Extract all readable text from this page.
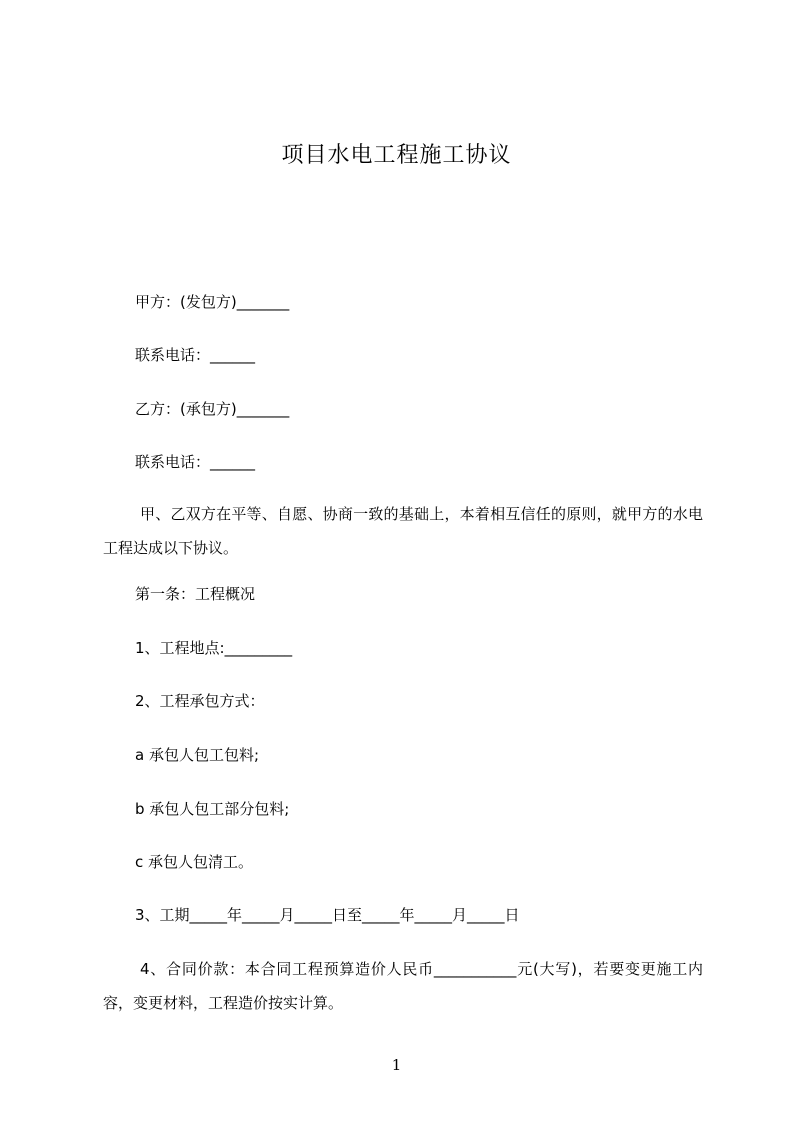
项目水电工程施工协议
甲方：(发包方)_______
联系电话：______
乙方：(承包方)_______
联系电话：______
甲、乙双方在平等、自愿、协商一致的基础上，本着相互信任的原则，就甲方的水电工程达成以下协议。
第一条：工程概况
1、工程地点:_________
2、工程承包方式：
a 承包人包工包料;
b 承包人包工部分包料;
c 承包人包清工。
3、工期_____年_____月_____日至_____年_____月_____日
4、合同价款：本合同工程预算造价人民币___________元(大写)，若要变更施工内容，变更材料，工程造价按实计算。
1
